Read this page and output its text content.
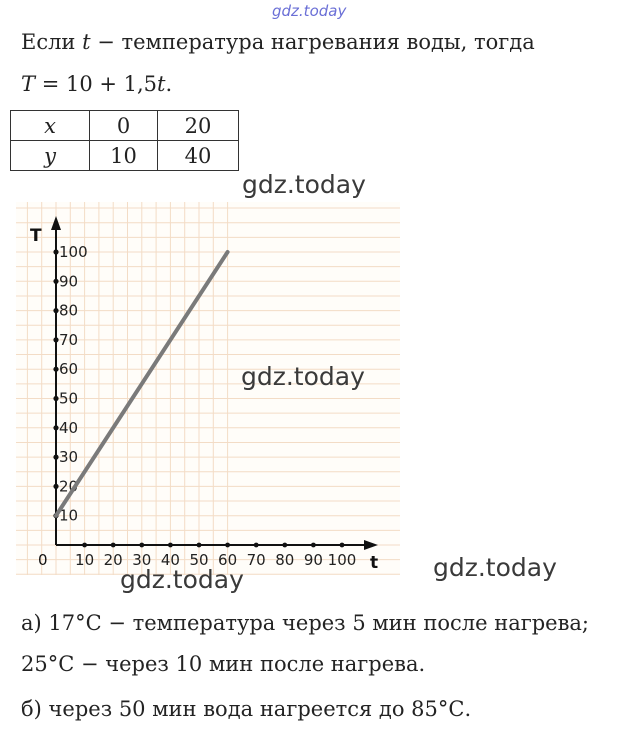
gdz.today
Если t − температура нагревания воды, тогда
T = 10 + 1,5t.
x	0	20
y	10	40
gdz.today
T
t
0
10
20
30
40
50
60
70
80
90
100
10 20 30 40 50 60 70 80 90 100
gdz.today
gdz.today	gdz.today
а) 17°С − температура через 5 мин после нагрева;
25°С − через 10 мин после нагрева.
б) через 50 мин вода нагреется до 85°С.
